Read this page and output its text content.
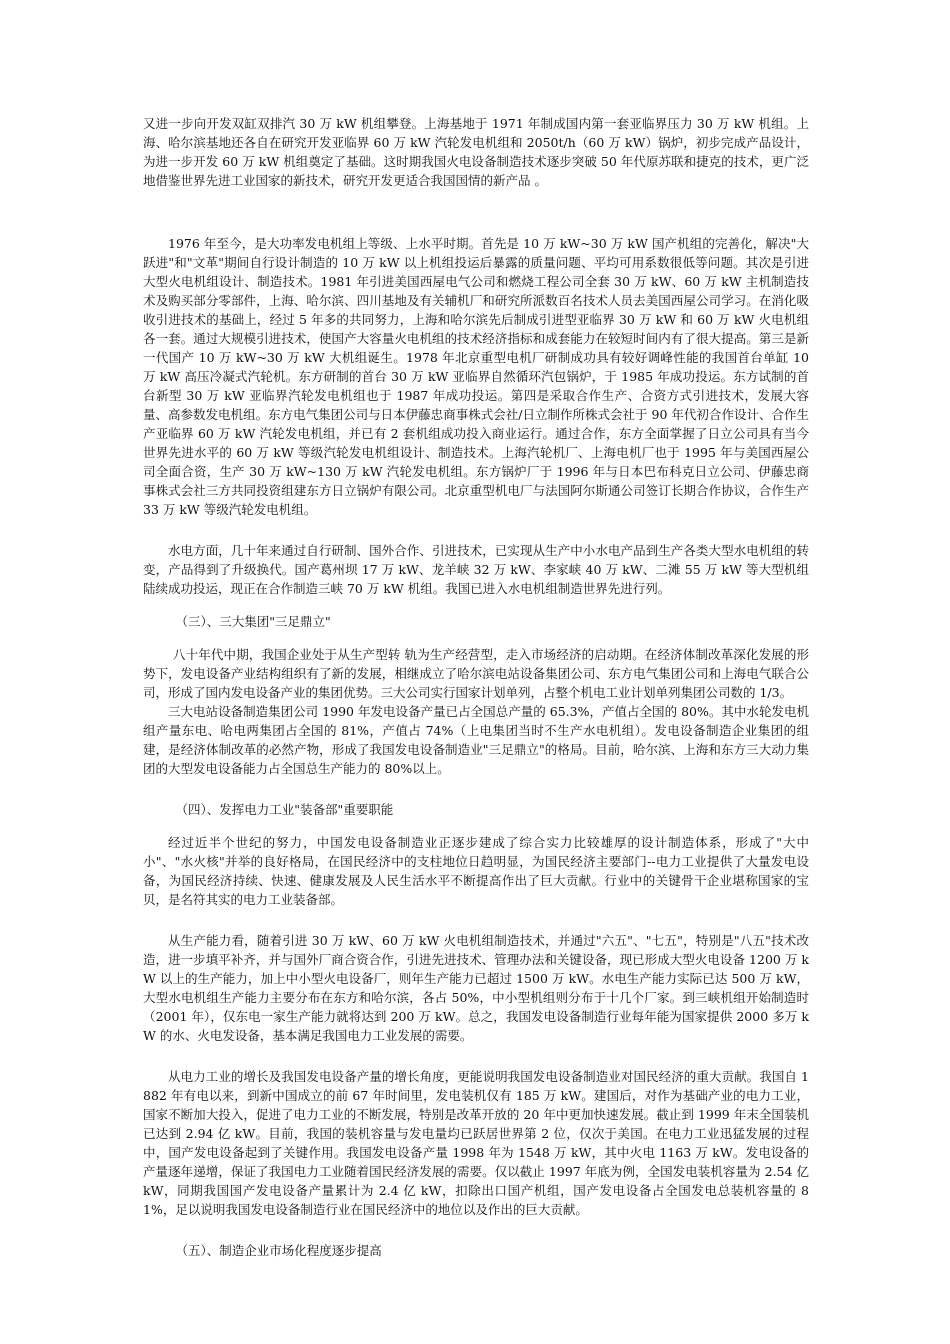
又进一步向开发双缸双排汽 30 万 kW 机组攀登。上海基地于 1971 年制成国内第一套亚临界压力 30 万 kW 机组。上海、哈尔滨基地还各自在研究开发亚临界 60 万 kW 汽轮发电机组和 2050t/h（60 万 kW）锅炉，初步完成产品设计，为进一步开发 60 万 kW 机组奠定了基础。这时期我国火电设备制造技术逐步突破 50 年代原苏联和捷克的技术，更广泛地借鉴世界先进工业国家的新技术，研究开发更适合我国国情的新产品 。

1976 年至今，是大功率发电机组上等级、上水平时期。首先是 10 万 kW~30 万 kW 国产机组的完善化，解决"大跃进"和"文革"期间自行设计制造的 10 万 kW 以上机组投运后暴露的质量问题、平均可用系数很低等问题。其次是引进大型火电机组设计、制造技术。1981 年引进美国西屋电气公司和燃烧工程公司全套 30 万 kW、60 万 kW 主机制造技术及购买部分零部件，上海、哈尔滨、四川基地及有关辅机厂和研究所派数百名技术人员去美国西屋公司学习。在消化吸收引进技术的基础上，经过 5 年多的共同努力，上海和哈尔滨先后制成引进型亚临界 30 万 kW 和 60 万 kW 火电机组各一套。通过大规模引进技术，使国产大容量火电机组的技术经济指标和成套能力在较短时间内有了很大提高。第三是新一代国产 10 万 kW~30 万 kW 大机组诞生。1978 年北京重型电机厂研制成功具有较好调峰性能的我国首台单缸 10 万 kW 高压冷凝式汽轮机。东方研制的首台 30 万 kW 亚临界自然循环汽包锅炉，于 1985 年成功投运。东方试制的首台新型 30 万 kW 亚临界汽轮发电机组也于 1987 年成功投运。第四是采取合作生产、合资方式引进技术，发展大容量、高参数发电机组。东方电气集团公司与日本伊藤忠商事株式会社/日立制作所株式会社于 90 年代初合作设计、合作生产亚临界 60 万 kW 汽轮发电机组，并已有 2 套机组成功投入商业运行。通过合作，东方全面掌握了日立公司具有当今世界先进水平的 60 万 kW 等级汽轮发电机组设计、制造技术。上海汽轮机厂、上海电机厂也于 1995 年与美国西屋公司全面合资，生产 30 万 kW~130 万 kW 汽轮发电机组。东方锅炉厂于 1996 年与日本巴布科克日立公司、伊藤忠商事株式会社三方共同投资组建东方日立锅炉有限公司。北京重型机电厂与法国阿尔斯通公司签订长期合作协议，合作生产 33 万 kW 等级汽轮发电机组。

水电方面，几十年来通过自行研制、国外合作、引进技术，已实现从生产中小水电产品到生产各类大型水电机组的转变，产品得到了升级换代。国产葛州坝 17 万 kW、龙羊峡 32 万 kW、李家峡 40 万 kW、二滩 55 万 kW 等大型机组陆续成功投运，现正在合作制造三峡 70 万 kW 机组。我国已进入水电机组制造世界先进行列。

（三）、三大集团"三足鼎立"

八十年代中期，我国企业处于从生产型转 轨为生产经营型，走入市场经济的启动期。在经济体制改革深化发展的形势下，发电设备产业结构组织有了新的发展，相继成立了哈尔滨电站设备集团公司、东方电气集团公司和上海电气联合公司，形成了国内发电设备产业的集团优势。三大公司实行国家计划单列，占整个机电工业计划单列集团公司数的 1/3。

三大电站设备制造集团公司 1990 年发电设备产量已占全国总产量的 65.3%，产值占全国的 80%。其中水轮发电机组产量东电、哈电两集团占全国的 81%，产值占 74%（上电集团当时不生产水电机组）。发电设备制造企业集团的组建，是经济体制改革的必然产物，形成了我国发电设备制造业"三足鼎立"的格局。目前，哈尔滨、上海和东方三大动力集团的大型发电设备能力占全国总生产能力的 80%以上。

（四）、发挥电力工业"装备部"重要职能

经过近半个世纪的努力，中国发电设备制造业正逐步建成了综合实力比较雄厚的设计制造体系，形成了"大中小"、"水火核"并举的良好格局，在国民经济中的支柱地位日趋明显，为国民经济主要部门--电力工业提供了大量发电设备，为国民经济持续、快速、健康发展及人民生活水平不断提高作出了巨大贡献。行业中的关键骨干企业堪称国家的宝贝，是名符其实的电力工业装备部。

从生产能力看，随着引进 30 万 kW、60 万 kW 火电机组制造技术，并通过"六五"、"七五"，特别是"八五"技术改造，进一步填平补齐，并与国外厂商合资合作，引进先进技术、管理办法和关键设备，现已形成大型火电设备 1200 万 kW 以上的生产能力，加上中小型火电设备厂，则年生产能力已超过 1500 万 kW。水电生产能力实际已达 500 万 kW，大型水电机组生产能力主要分布在东方和哈尔滨，各占 50%，中小型机组则分布于十几个厂家。到三峡机组开始制造时（2001 年），仅东电一家生产能力就将达到 200 万 kW。总之，我国发电设备制造行业每年能为国家提供 2000 多万 kW 的水、火电发设备，基本满足我国电力工业发展的需要。

从电力工业的增长及我国发电设备产量的增长角度，更能说明我国发电设备制造业对国民经济的重大贡献。我国自 1882 年有电以来，到新中国成立的前 67 年时间里，发电装机仅有 185 万 kW。建国后，对作为基础产业的电力工业，国家不断加大投入，促进了电力工业的不断发展，特别是改革开放的 20 年中更加快速发展。截止到 1999 年末全国装机已达到 2.94 亿 kW。目前，我国的装机容量与发电量均已跃居世界第 2 位，仅次于美国。在电力工业迅猛发展的过程中，国产发电设备起到了关键作用。我国发电设备产量 1998 年为 1548 万 kW，其中火电 1163 万 kW。发电设备的产量逐年递增，保证了我国电力工业随着国民经济发展的需要。仅以截止 1997 年底为例，全国发电装机容量为 2.54 亿 kW，同期我国国产发电设备产量累计为 2.4 亿 kW，扣除出口国产机组，国产发电设备占全国发电总装机容量的 81%，足以说明我国发电设备制造行业在国民经济中的地位以及作出的巨大贡献。

（五）、制造企业市场化程度逐步提高
